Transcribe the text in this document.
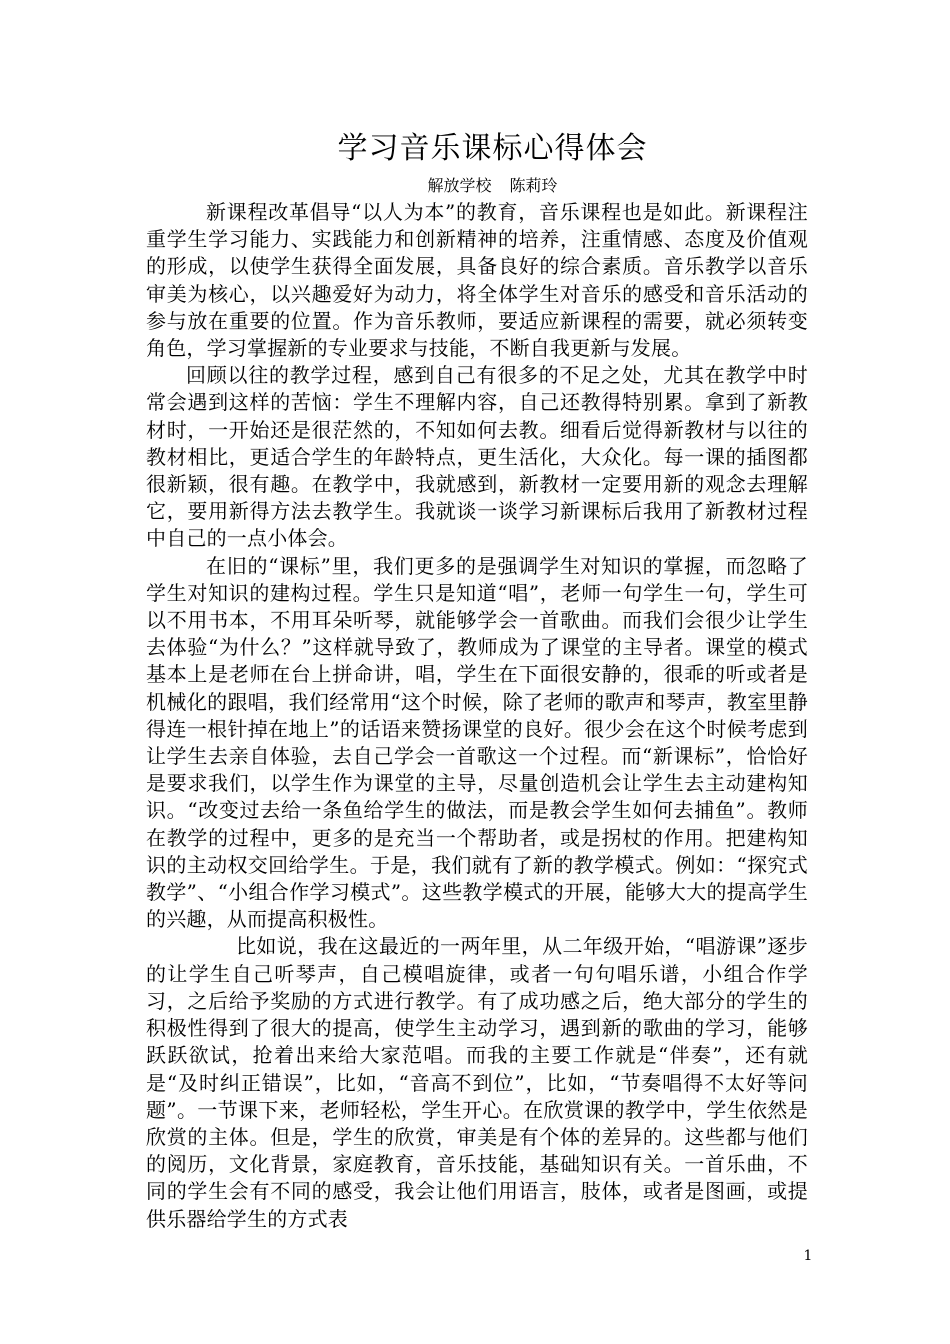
学习音乐课标心得体会
解放学校 陈莉玲

新课程改革倡导“以人为本”的教育，音乐课程也是如此。新课程注重学生学习能力、实践能力和创新精神的培养，注重情感、态度及价值观的形成，以使学生获得全面发展，具备良好的综合素质。音乐教学以音乐审美为核心，以兴趣爱好为动力，将全体学生对音乐的感受和音乐活动的参与放在重要的位置。作为音乐教师，要适应新课程的需要，就必须转变角色，学习掌握新的专业要求与技能，不断自我更新与发展。

回顾以往的教学过程，感到自己有很多的不足之处，尤其在教学中时常会遇到这样的苦恼：学生不理解内容，自己还教得特别累。拿到了新教材时，一开始还是很茫然的，不知如何去教。细看后觉得新教材与以往的教材相比，更适合学生的年龄特点，更生活化，大众化。每一课的插图都很新颖，很有趣。在教学中，我就感到，新教材一定要用新的观念去理解它，要用新得方法去教学生。我就谈一谈学习新课标后我用了新教材过程中自己的一点小体会。

在旧的“课标”里，我们更多的是强调学生对知识的掌握，而忽略了学生对知识的建构过程。学生只是知道“唱”，老师一句学生一句，学生可以不用书本，不用耳朵听琴，就能够学会一首歌曲。而我们会很少让学生去体验“为什么？”这样就导致了，教师成为了课堂的主导者。课堂的模式基本上是老师在台上拼命讲，唱，学生在下面很安静的，很乖的听或者是机械化的跟唱，我们经常用“这个时候，除了老师的歌声和琴声，教室里静得连一根针掉在地上”的话语来赞扬课堂的良好。很少会在这个时候考虑到让学生去亲自体验，去自己学会一首歌这一个过程。而“新课标”，恰恰好是要求我们，以学生作为课堂的主导，尽量创造机会让学生去主动建构知识。“改变过去给一条鱼给学生的做法，而是教会学生如何去捕鱼”。教师在教学的过程中，更多的是充当一个帮助者，或是拐杖的作用。把建构知识的主动权交回给学生。于是，我们就有了新的教学模式。例如：“探究式教学”、“小组合作学习模式”。这些教学模式的开展，能够大大的提高学生的兴趣，从而提高积极性。

比如说，我在这最近的一两年里，从二年级开始，“唱游课”逐步的让学生自己听琴声，自己模唱旋律，或者一句句唱乐谱，小组合作学习，之后给予奖励的方式进行教学。有了成功感之后，绝大部分的学生的积极性得到了很大的提高，使学生主动学习，遇到新的歌曲的学习，能够跃跃欲试，抢着出来给大家范唱。而我的主要工作就是“伴奏”，还有就是“及时纠正错误”，比如，“音高不到位”，比如，“节奏唱得不太好等问题”。一节课下来，老师轻松，学生开心。在欣赏课的教学中，学生依然是欣赏的主体。但是，学生的欣赏，审美是有个体的差异的。这些都与他们的阅历，文化背景，家庭教育，音乐技能，基础知识有关。一首乐曲，不同的学生会有不同的感受，我会让他们用语言，肢体，或者是图画，或提供乐器给学生的方式表

1
